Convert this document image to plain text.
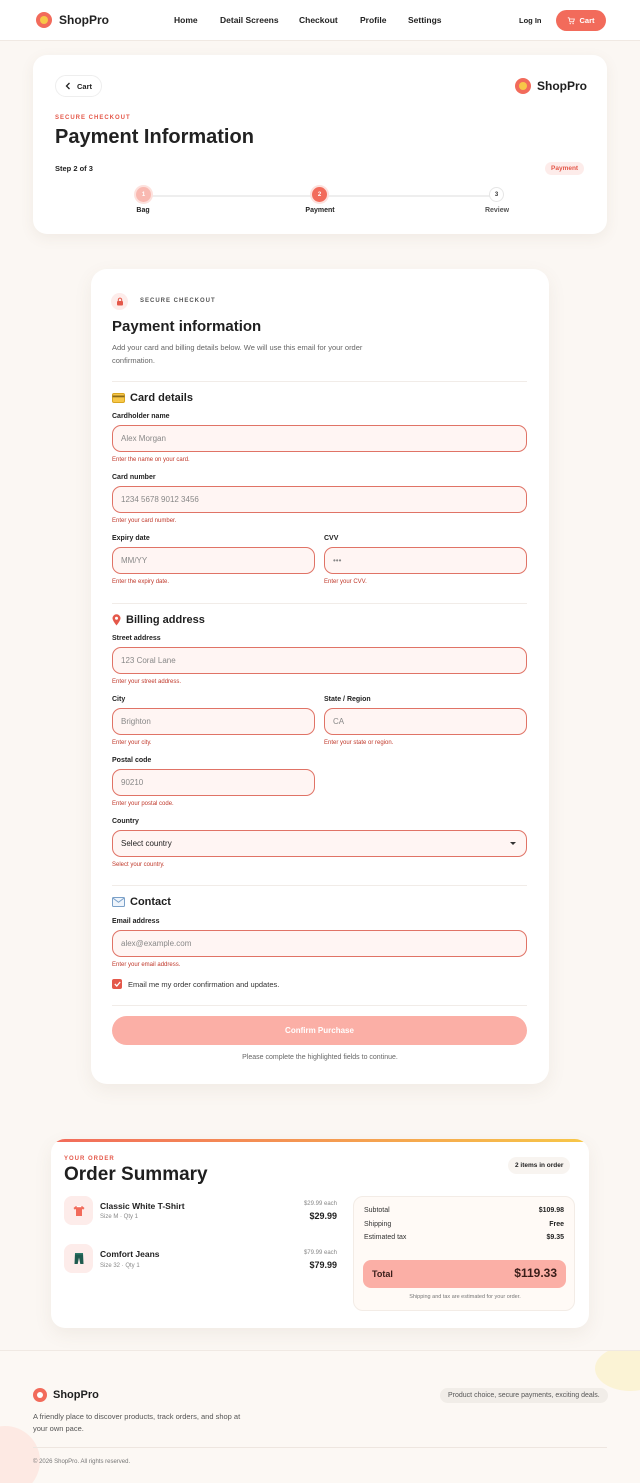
ShopPro	Home	Detail Screens Checkout	Profile	Settings	Log In	Cart
Cart	ShopPro
SECURE CHECKOUT
Payment Information
Step 2 of 3	Payment
1
Bag
2
Payment
3
Review
SECURE CHECKOUT
Payment information
Add your card and billing details below. We will use this email for your order confirmation.
Card details
Cardholder name
Alex Morgan
Enter the name on your card.
Card number
1234 5678 9012 3456
Enter your card number.
Expiry date
MM/YY
Enter the expiry date.
CVV
•••
Enter your CVV.
Billing address
Street address
123 Coral Lane
Enter your street address.
City
Brighton
Enter your city.
State / Region
CA
Enter your state or region.
Postal code
90210
Enter your postal code.
Country
Select country
Select your country.
Contact
Email address
alex@example.com
Enter your email address.
Email me my order confirmation and updates.
Confirm Purchase
Please complete the highlighted fields to continue.
YOUR ORDER
Order Summary	2 items in order
Classic White T-Shirt
Size M · Qty 1
$29.99 each
$29.99
Comfort Jeans
Size 32 · Qty 1
$79.99 each
$79.99
Subtotal	$109.98
Shipping	Free
Estimated tax	$9.35
Total	$119.33
Shipping and tax are estimated for your order.
ShopPro
A friendly place to discover products, track orders, and shop at your own pace.
Product choice, secure payments, exciting deals.
© 2026 ShopPro. All rights reserved.
